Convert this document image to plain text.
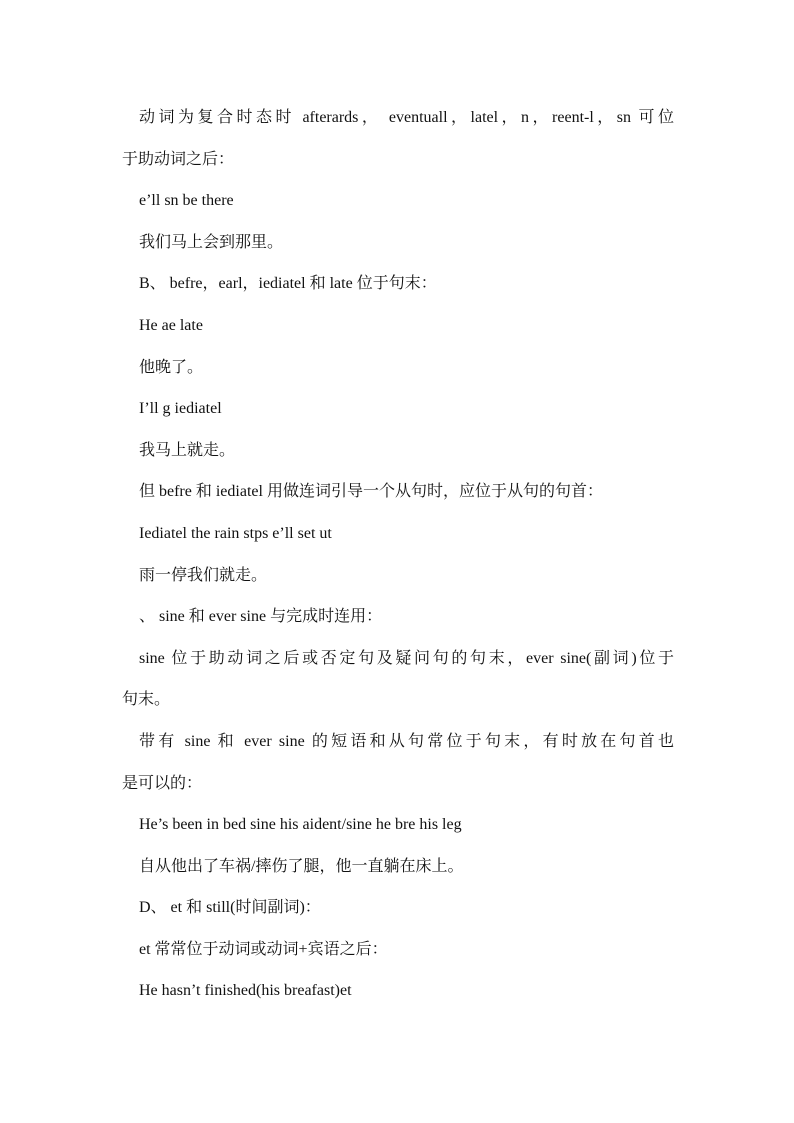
动词为复合时态时 afterards， eventuall，latel，n，reent-l，sn 可位
于助动词之后：
e’ll sn be there
我们马上会到那里。
B、 befre，earl，iediatel 和 late 位于句末：
He ae late
他晚了。
I’ll g iediatel
我马上就走。
但 befre 和 iediatel 用做连词引导一个从句时，应位于从句的句首：
Iediatel the rain stps e’ll set ut
雨一停我们就走。
、 sine 和 ever sine 与完成时连用：
sine 位于助动词之后或否定句及疑问句的句末，ever sine(副词)位于
句末。
带有 sine 和 ever sine 的短语和从句常位于句末，有时放在句首也
是可以的：
He’s been in bed sine his aident/sine he bre his leg
自从他出了车祸/摔伤了腿，他一直躺在床上。
D、 et 和 still(时间副词)：
et 常常位于动词或动词+宾语之后：
He hasn’t finished(his breafast)et
